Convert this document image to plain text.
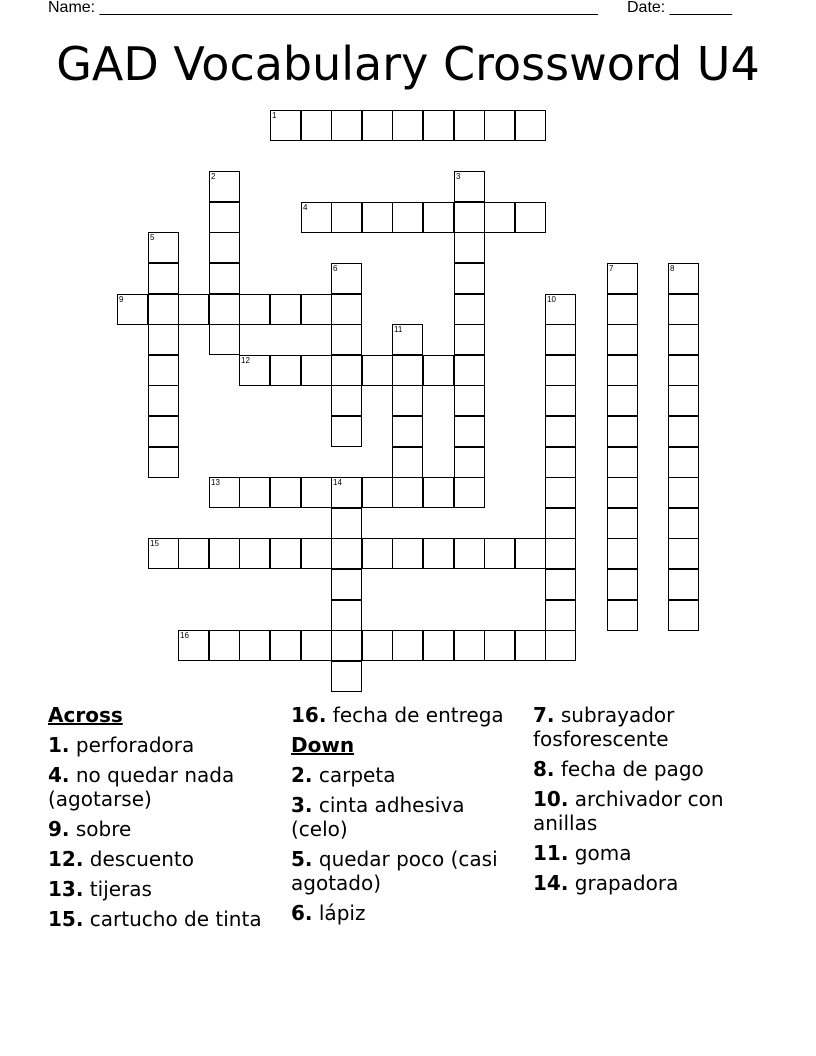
Name: ________________________________________________________ Date: _______
GAD Vocabulary Crossword U4
1
2	3
4
5
6	7	8
9	10
11
12
13	14
15
16
Across
1. perforadora
4. no quedar nada (agotarse)
9. sobre
12. descuento
13. tijeras
15. cartucho de tinta
16. fecha de entrega
Down
2. carpeta
3. cinta adhesiva (celo)
5. quedar poco (casi agotado)
6. lápiz
7. subrayador fosforescente
8. fecha de pago
10. archivador con anillas
11. goma
14. grapadora
